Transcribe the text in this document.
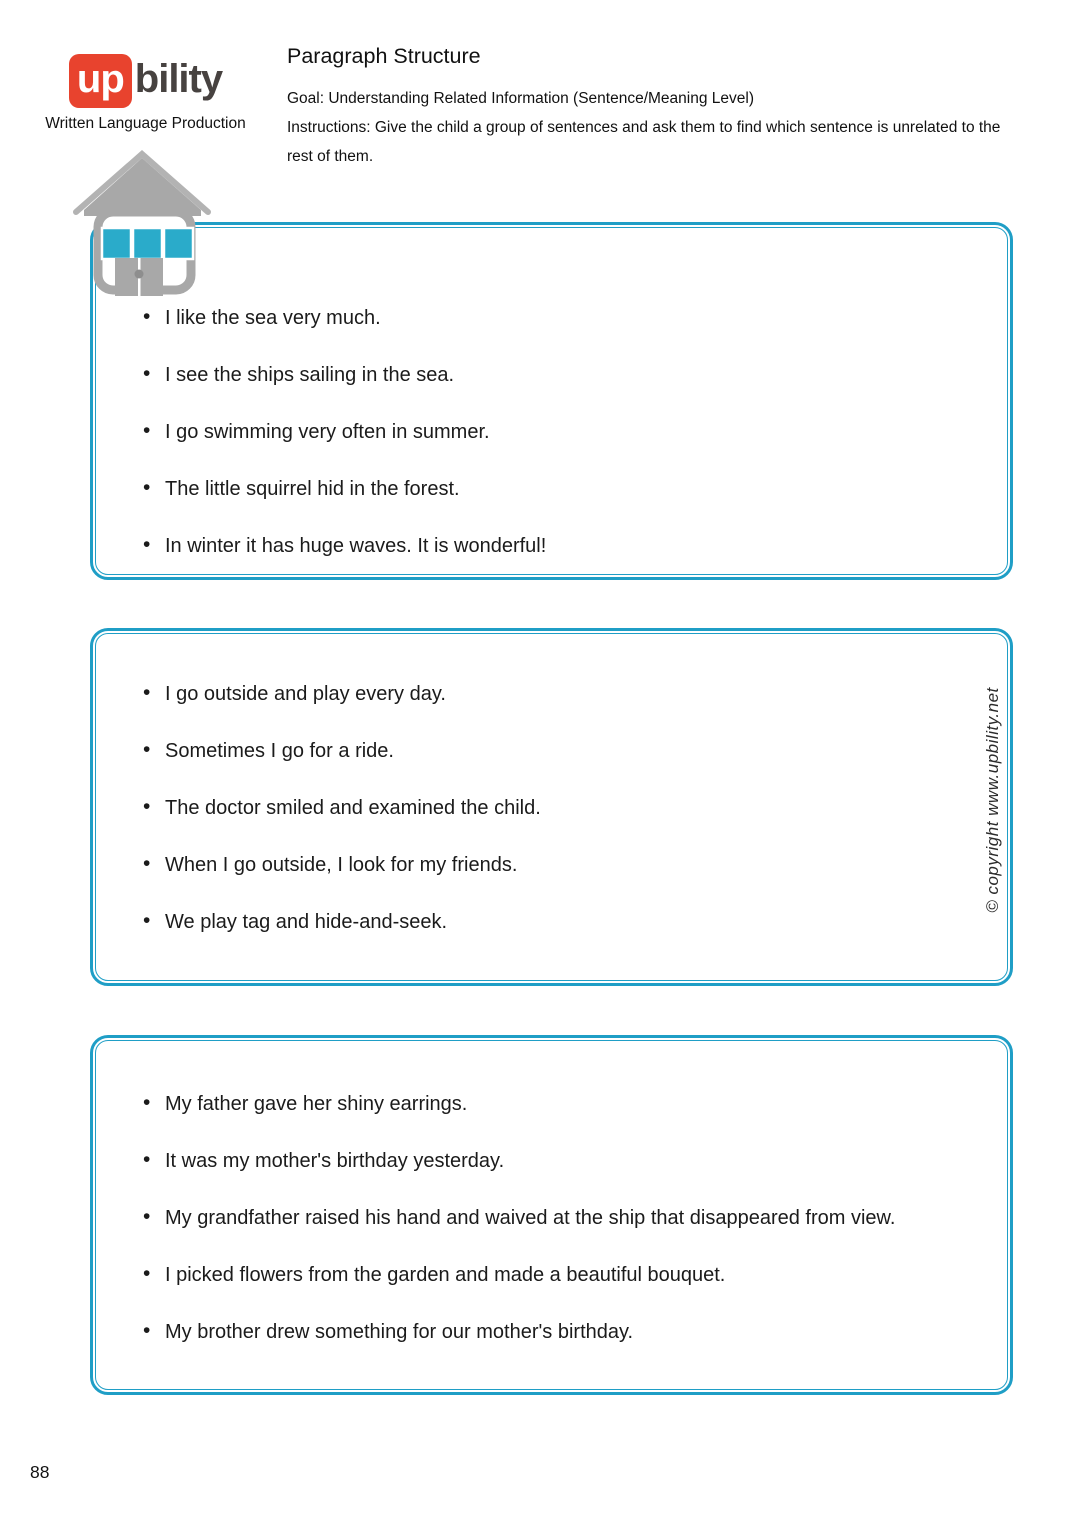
up bility
Written Language Production
Paragraph Structure

Goal: Understanding Related Information (Sentence/Meaning Level)

Instructions: Give the child a group of sentences and ask them to find which sentence is unrelated to the rest of them.

• I like the sea very much.
• I see the ships sailing in the sea.
• I go swimming very often in summer.
• The little squirrel hid in the forest.
• In winter it has huge waves. It is wonderful!
• I go outside and play every day.
• Sometimes I go for a ride.
• The doctor smiled and examined the child.
• When I go outside, I look for my friends.
• We play tag and hide-and-seek.
• My father gave her shiny earrings.
• It was my mother's birthday yesterday.
• My grandfather raised his hand and waived at the ship that disappeared from view.
• I picked flowers from the garden and made a beautiful bouquet.
• My brother drew something for our mother's birthday.
© copyright www.upbility.net
88
